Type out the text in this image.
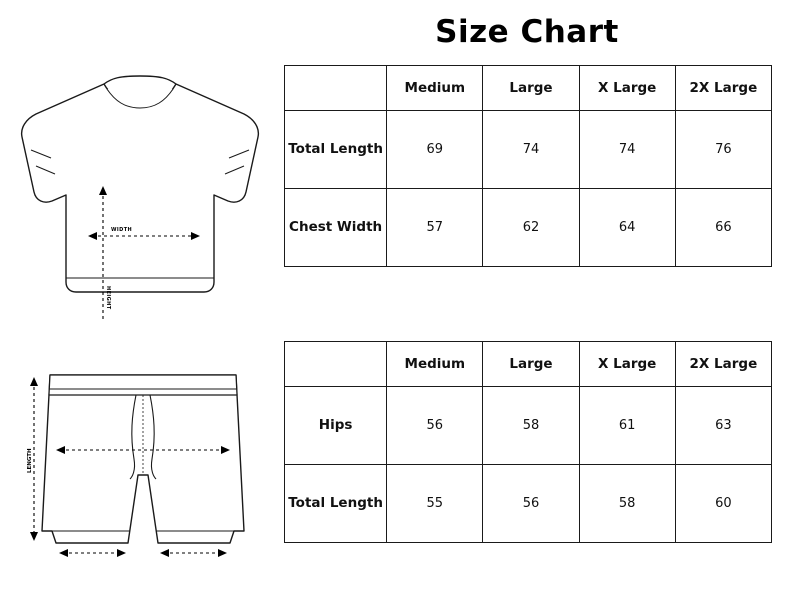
Size Chart
WIDTH
HEIGHT
LENGTH
	Medium	Large	X Large	2X Large
Total Length	69	74	74	76
Chest Width	57	62	64	66
	Medium	Large	X Large	2X Large
Hips	56	58	61	63
Total Length	55	56	58	60
